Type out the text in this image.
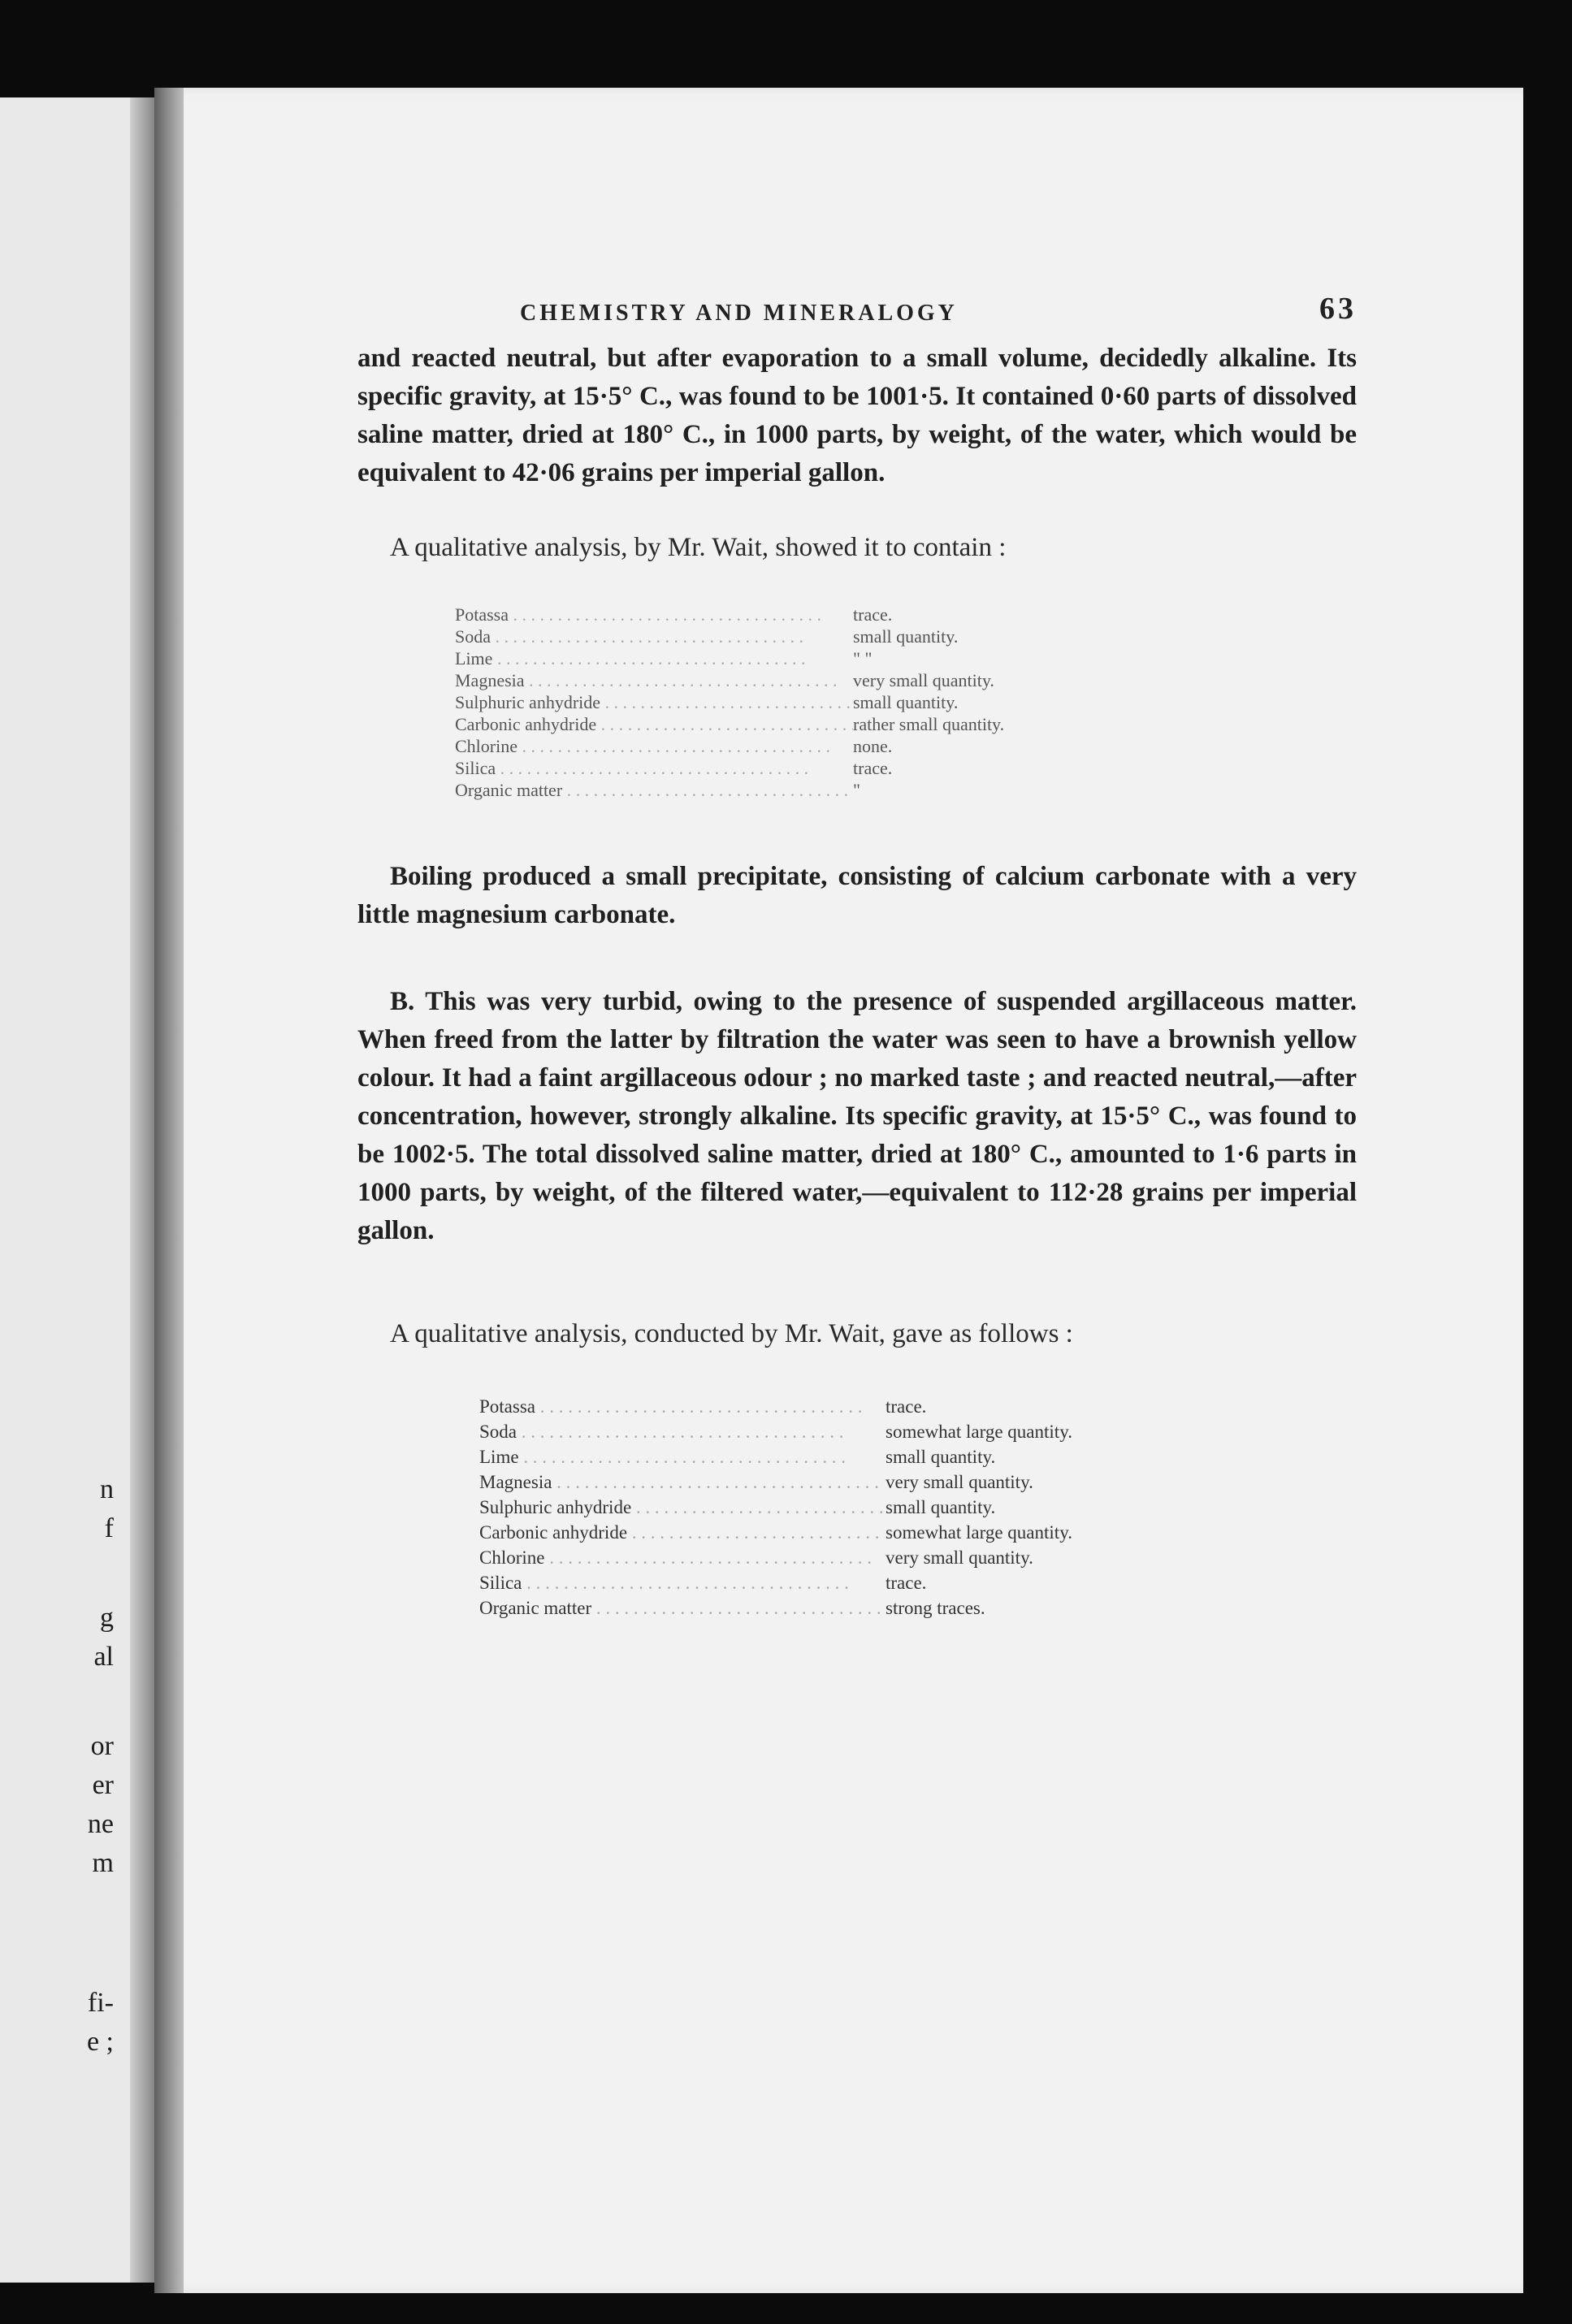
n
f
g
al
or
er
ne
m
fi-
e ;
CHEMISTRY AND MINERALOGY	63

and reacted neutral, but after evaporation to a small volume, decidedly alkaline. Its specific gravity, at 15·5° C., was found to be 1001·5. It contained 0·60 parts of dissolved saline matter, dried at 180° C., in 1000 parts, by weight, of the water, which would be equivalent to 42·06 grains per imperial gallon.

A qualitative analysis, by Mr. Wait, showed it to contain :

Potassa . . .	trace.
Soda . . .	small quantity.
Lime . . .	" "
Magnesia . . .	very small quantity.
Sulphuric anhydride . . .	small quantity.
Carbonic anhydride . . .	rather small quantity.
Chlorine . . .	none.
Silica . . .	trace.
Organic matter . . .	"

Boiling produced a small precipitate, consisting of calcium carbonate with a very little magnesium carbonate.

B. This was very turbid, owing to the presence of suspended argillaceous matter. When freed from the latter by filtration the water was seen to have a brownish yellow colour. It had a faint argillaceous odour ; no marked taste ; and reacted neutral,—after concentration, however, strongly alkaline. Its specific gravity, at 15·5° C., was found to be 1002·5. The total dissolved saline matter, dried at 180° C., amounted to 1·6 parts in 1000 parts, by weight, of the filtered water,—equivalent to 112·28 grains per imperial gallon.

A qualitative analysis, conducted by Mr. Wait, gave as follows :

Potassa . . .	trace.
Soda . . .	somewhat large quantity.
Lime . . .	small quantity.
Magnesia . . .	very small quantity.
Sulphuric anhydride . . .	small quantity.
Carbonic anhydride . . .	somewhat large quantity.
Chlorine . . .	very small quantity.
Silica . . .	trace.
Organic matter . . .	strong traces.
